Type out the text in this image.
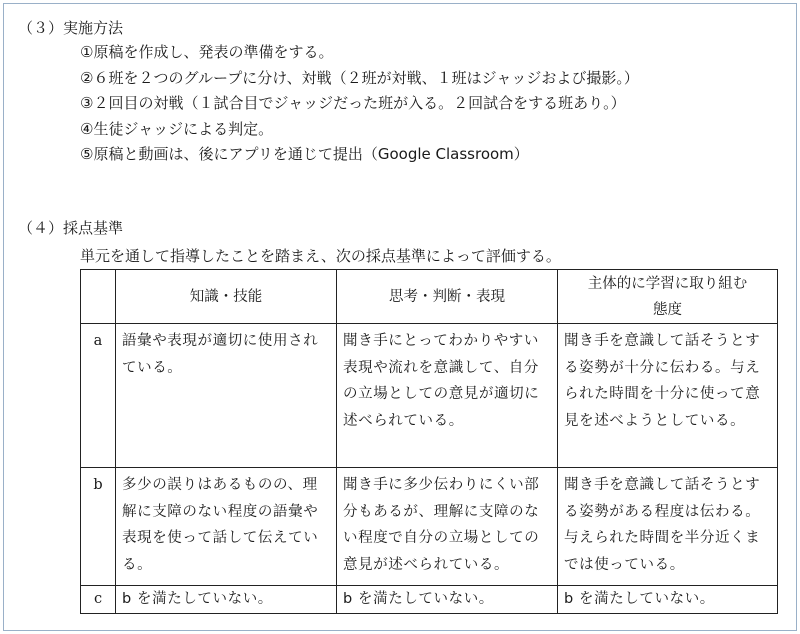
（３）実施方法
①原稿を作成し、発表の準備をする。
②６班を２つのグループに分け、対戦（２班が対戦、１班はジャッジおよび撮影。）
③２回目の対戦（１試合目でジャッジだった班が入る。２回試合をする班あり。）
④生徒ジャッジによる判定。
⑤原稿と動画は、後にアプリを通じて提出（Google Classroom）
（４）採点基準
単元を通して指導したことを踏まえ、次の採点基準によって評価する。
	知識・技能	思考・判断・表現	主体的に学習に取り組む態度

a	語彙や表現が適切に使用されている。	聞き手にとってわかりやすい表現や流れを意識して、自分の立場としての意見が適切に述べられている。	聞き手を意識して話そうとする姿勢が十分に伝わる。与えられた時間を十分に使って意見を述べようとしている。

b	多少の誤りはあるものの、理解に支障のない程度の語彙や表現を使って話して伝えている。	聞き手に多少伝わりにくい部分もあるが、理解に支障のない程度で自分の立場としての意見が述べられている。	聞き手を意識して話そうとする姿勢がある程度は伝わる。与えられた時間を半分近くまでは使っている。

c	b を満たしていない。	b を満たしていない。	b を満たしていない。
